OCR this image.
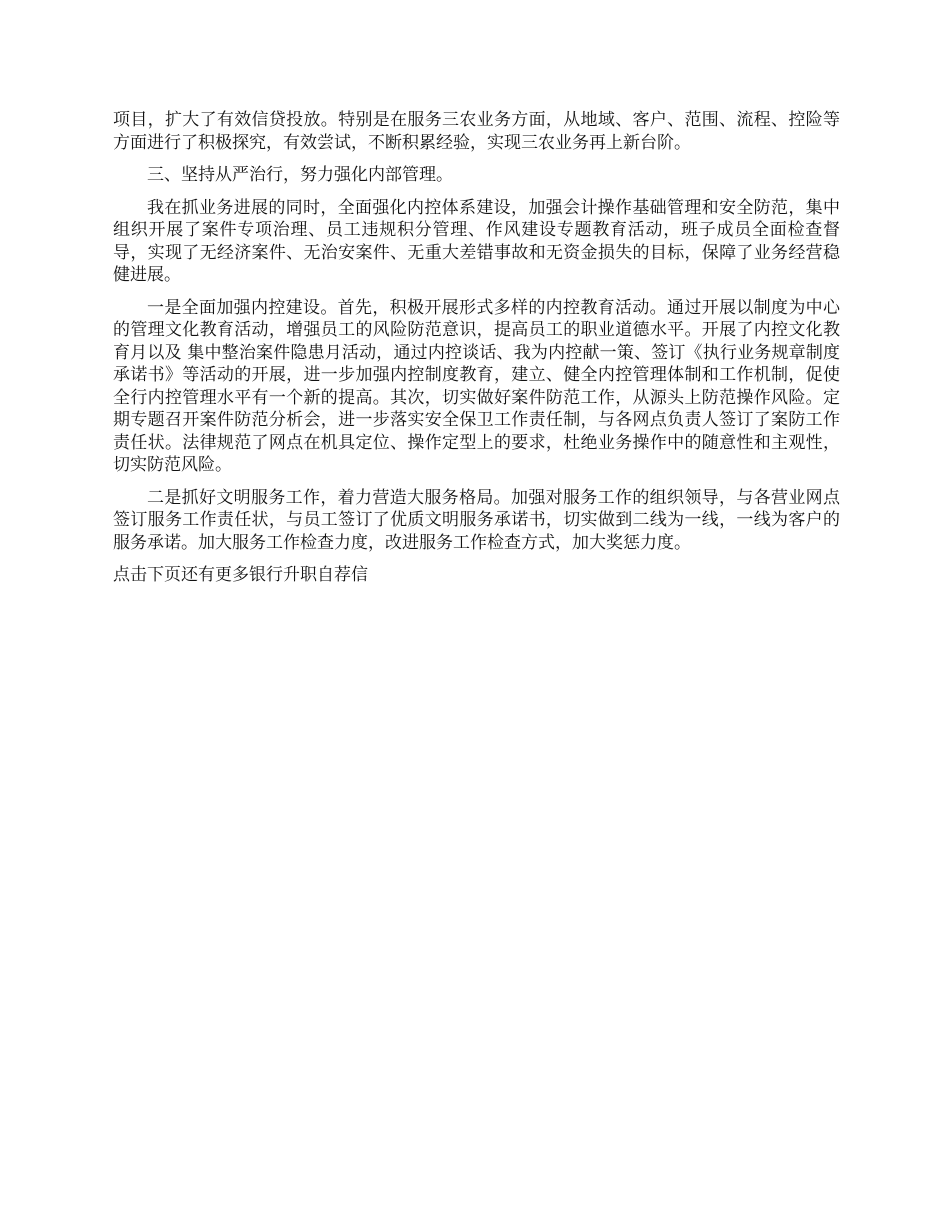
项目，扩大了有效信贷投放。特别是在服务三农业务方面，从地域、客户、范围、流程、控险等方面进行了积极探究，有效尝试，不断积累经验，实现三农业务再上新台阶。

三、坚持从严治行，努力强化内部管理。

我在抓业务进展的同时，全面强化内控体系建设，加强会计操作基础管理和安全防范，集中组织开展了案件专项治理、员工违规积分管理、作风建设专题教育活动，班子成员全面检查督导，实现了无经济案件、无治安案件、无重大差错事故和无资金损失的目标，保障了业务经营稳健进展。

一是全面加强内控建设。首先，积极开展形式多样的内控教育活动。通过开展以制度为中心的管理文化教育活动，增强员工的风险防范意识，提高员工的职业道德水平。开展了内控文化教育月以及 集中整治案件隐患月活动，通过内控谈话、我为内控献一策、签订《执行业务规章制度承诺书》等活动的开展，进一步加强内控制度教育，建立、健全内控管理体制和工作机制，促使全行内控管理水平有一个新的提高。其次，切实做好案件防范工作，从源头上防范操作风险。定期专题召开案件防范分析会，进一步落实安全保卫工作责任制，与各网点负责人签订了案防工作责任状。法律规范了网点在机具定位、操作定型上的要求，杜绝业务操作中的随意性和主观性，切实防范风险。

二是抓好文明服务工作，着力营造大服务格局。加强对服务工作的组织领导，与各营业网点签订服务工作责任状，与员工签订了优质文明服务承诺书，切实做到二线为一线，一线为客户的服务承诺。加大服务工作检查力度，改进服务工作检查方式，加大奖惩力度。

点击下页还有更多银行升职自荐信
